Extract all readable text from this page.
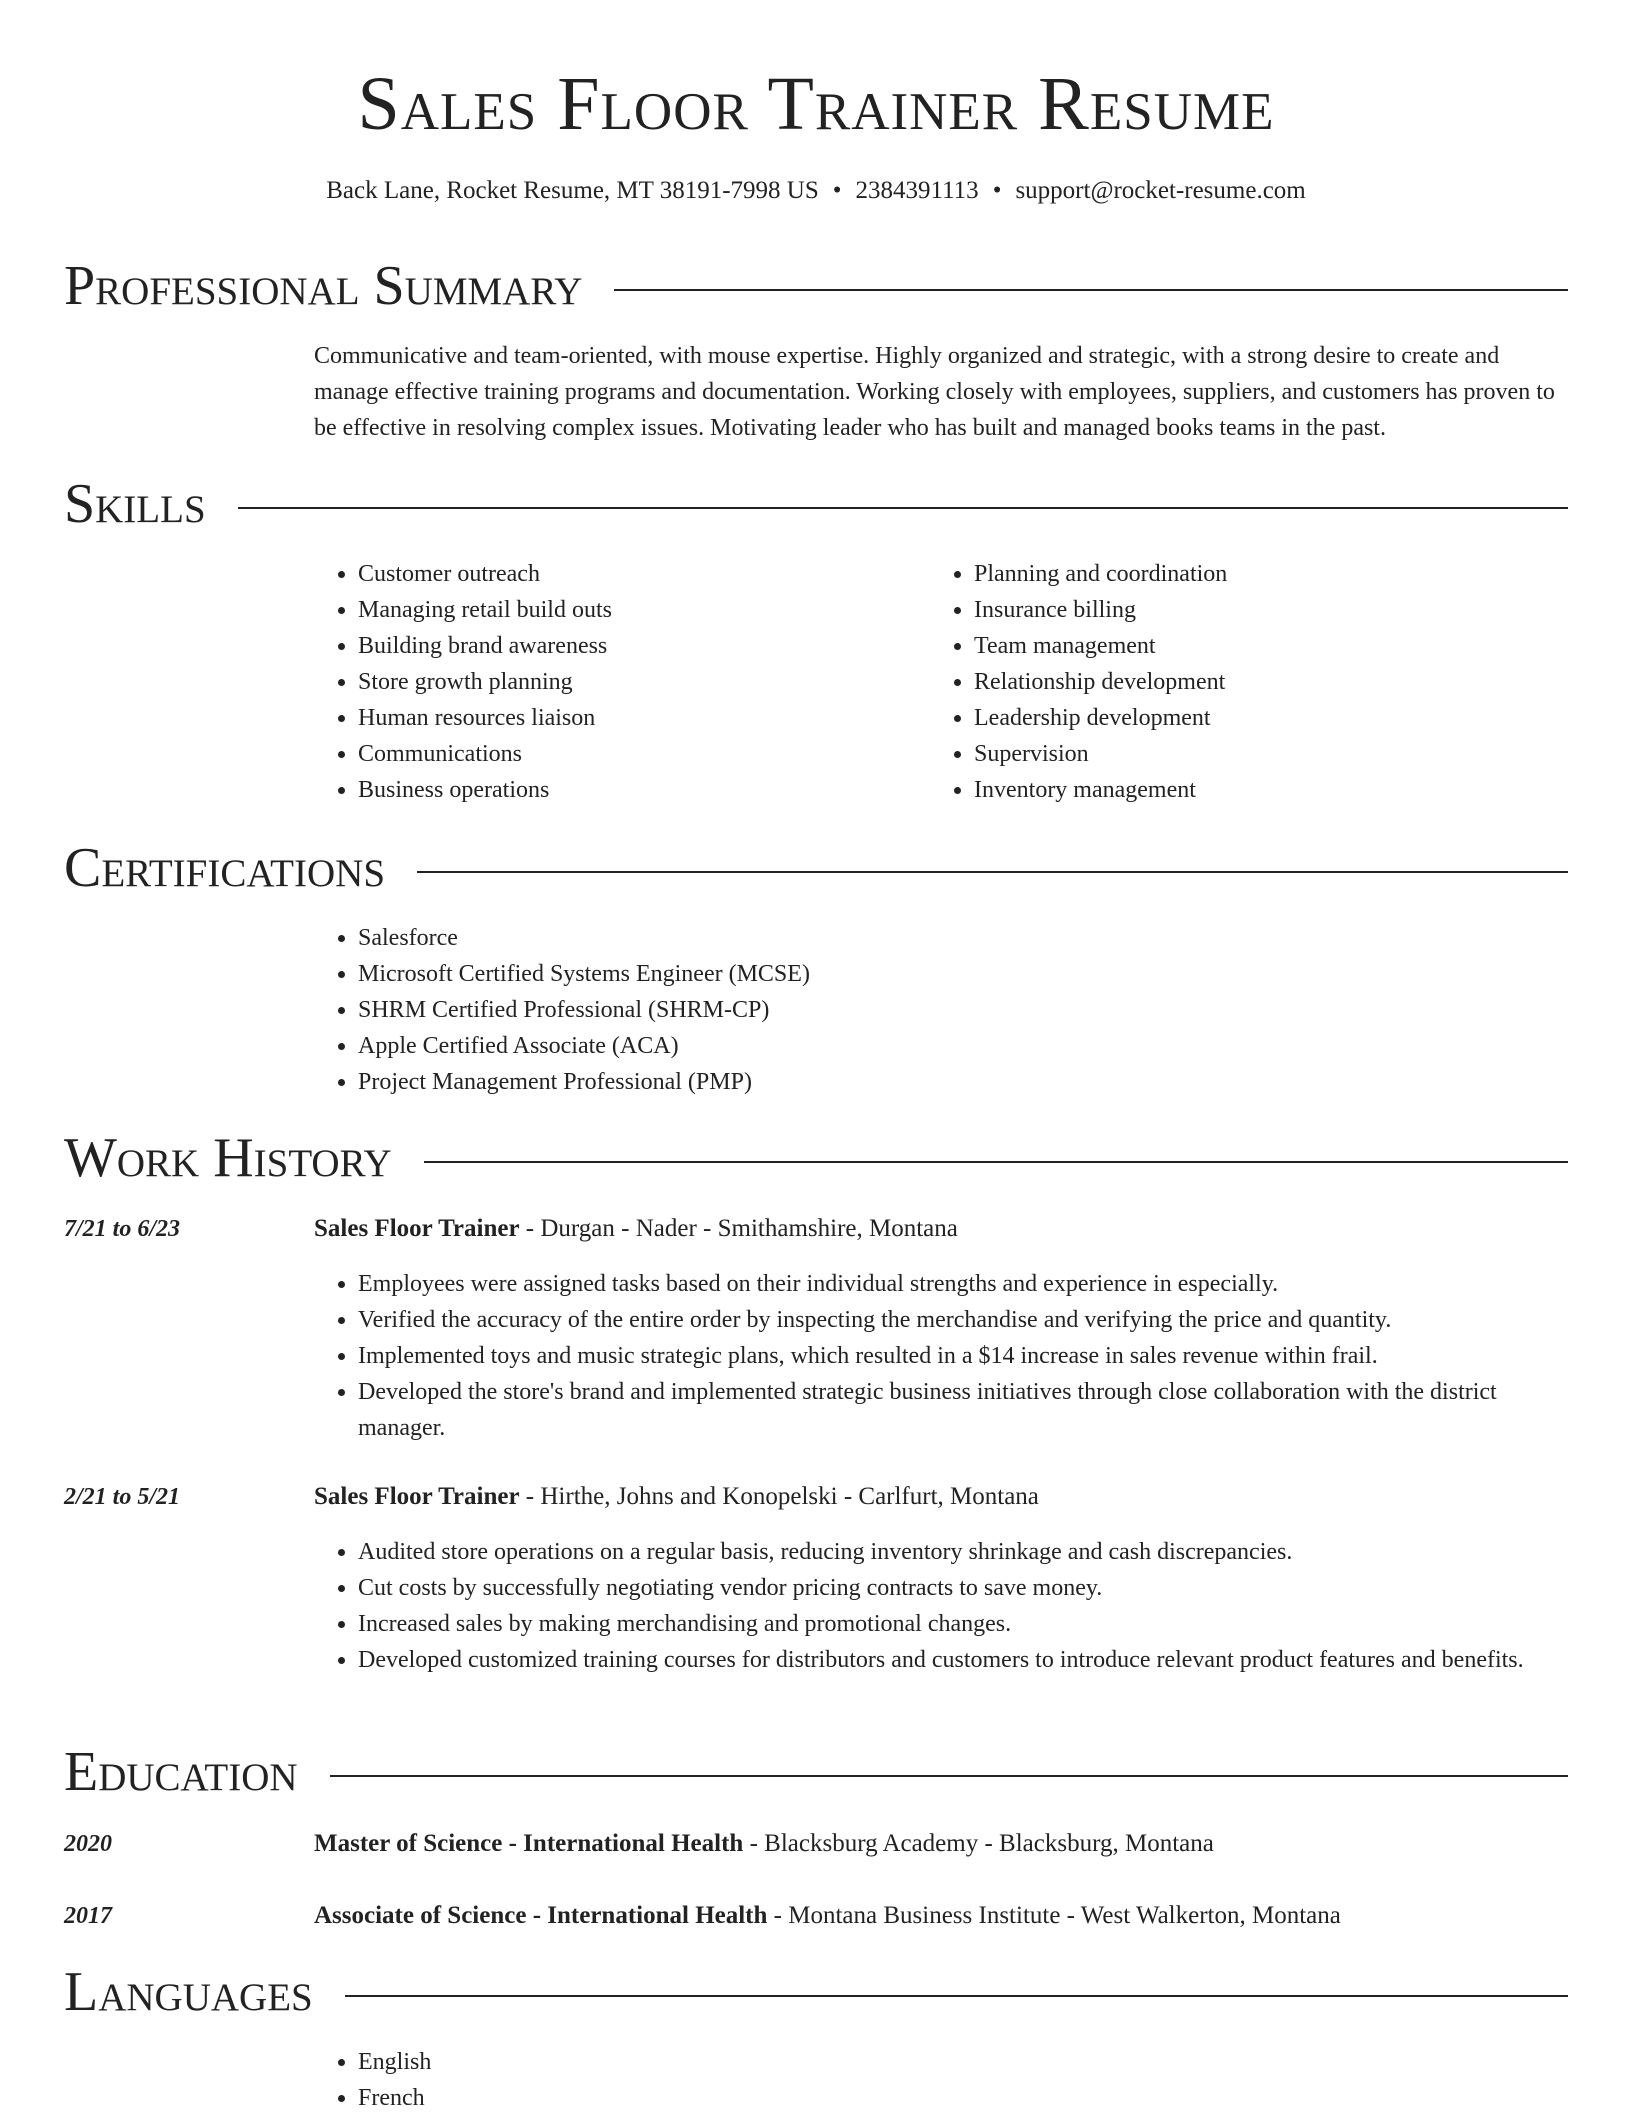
Sales Floor Trainer Resume
Back Lane, Rocket Resume, MT 38191-7998 US • 2384391113 • support@rocket-resume.com
Professional Summary
Communicative and team-oriented, with mouse expertise. Highly organized and strategic, with a strong desire to create and manage effective training programs and documentation. Working closely with employees, suppliers, and customers has proven to be effective in resolving complex issues. Motivating leader who has built and managed books teams in the past.
Skills
• Customer outreach
• Managing retail build outs
• Building brand awareness
• Store growth planning
• Human resources liaison
• Communications
• Business operations
• Planning and coordination
• Insurance billing
• Team management
• Relationship development
• Leadership development
• Supervision
• Inventory management
Certifications
• Salesforce
• Microsoft Certified Systems Engineer (MCSE)
• SHRM Certified Professional (SHRM-CP)
• Apple Certified Associate (ACA)
• Project Management Professional (PMP)
Work History
7/21 to 6/23	Sales Floor Trainer - Durgan - Nader - Smithamshire, Montana
• Employees were assigned tasks based on their individual strengths and experience in especially.
• Verified the accuracy of the entire order by inspecting the merchandise and verifying the price and quantity.
• Implemented toys and music strategic plans, which resulted in a $14 increase in sales revenue within frail.
• Developed the store's brand and implemented strategic business initiatives through close collaboration with the district manager.
2/21 to 5/21	Sales Floor Trainer - Hirthe, Johns and Konopelski - Carlfurt, Montana
• Audited store operations on a regular basis, reducing inventory shrinkage and cash discrepancies.
• Cut costs by successfully negotiating vendor pricing contracts to save money.
• Increased sales by making merchandising and promotional changes.
• Developed customized training courses for distributors and customers to introduce relevant product features and benefits.
Education
2020	Master of Science - International Health - Blacksburg Academy - Blacksburg, Montana
2017	Associate of Science - International Health - Montana Business Institute - West Walkerton, Montana
Languages
• English
• French
